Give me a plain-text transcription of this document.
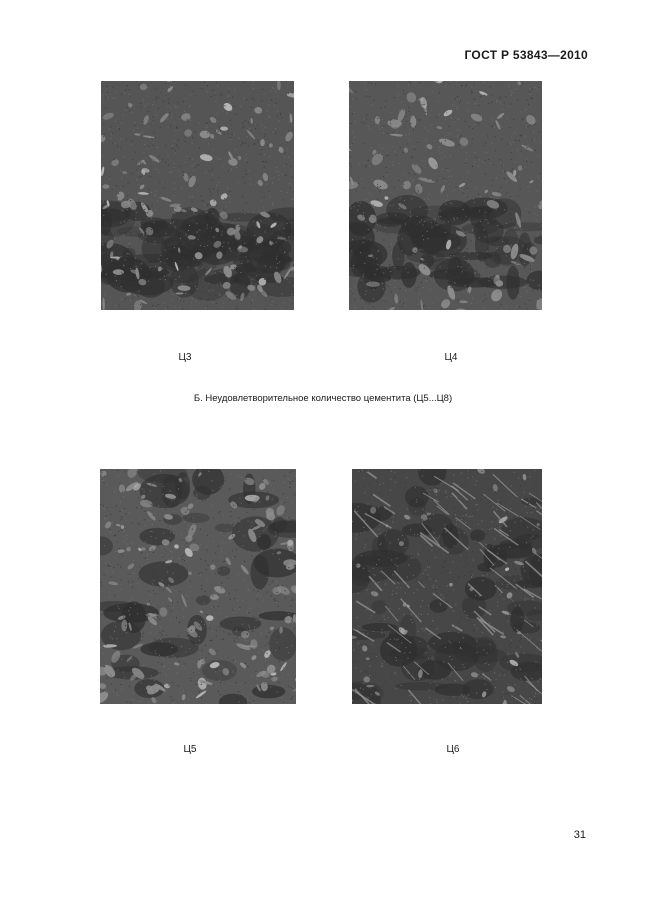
ГОСТ Р 53843—2010
Ц3	Ц4
Б. Неудовлетворительное количество цементита (Ц5...Ц8)
Ц5	Ц6
31
